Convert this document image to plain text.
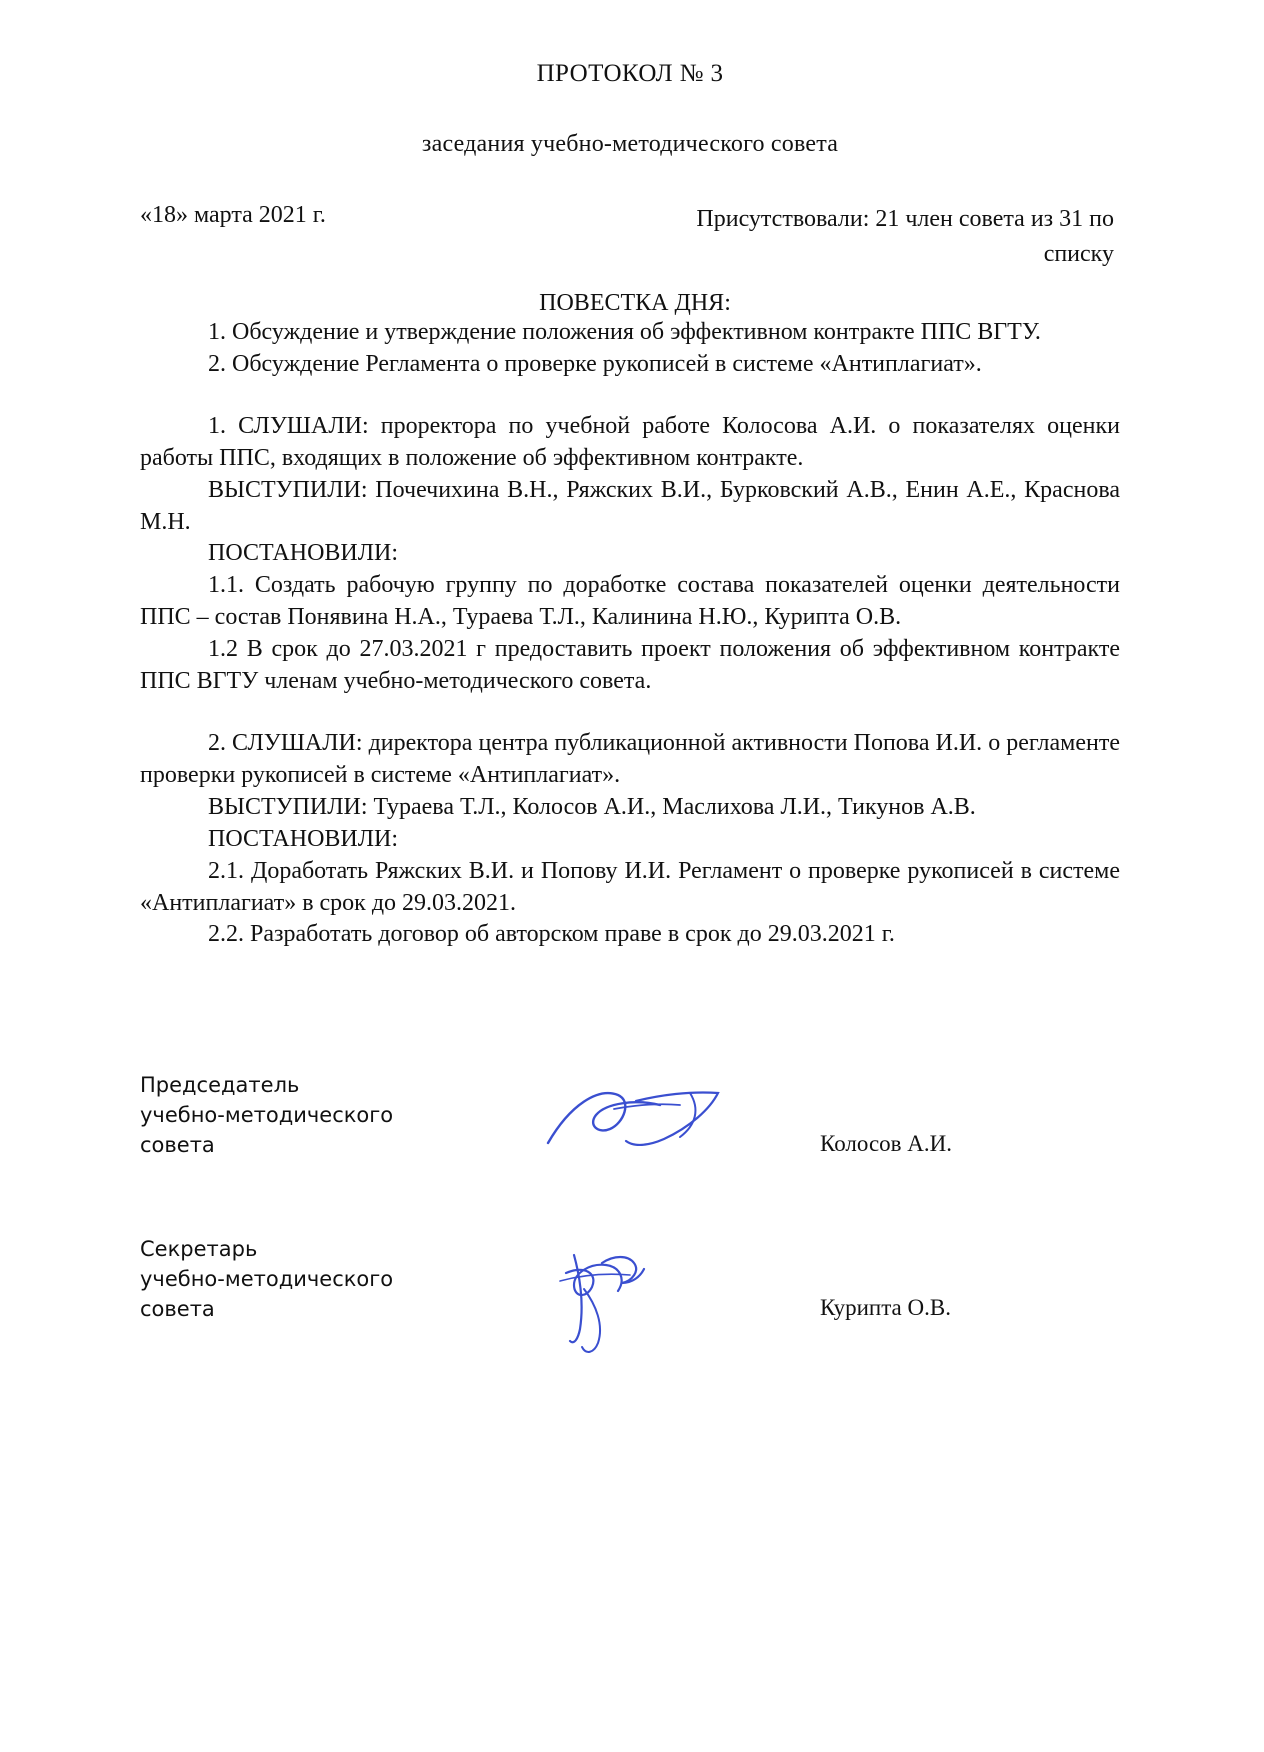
ПРОТОКОЛ № 3
заседания учебно-методического совета
«18» марта 2021 г.	Присутствовали: 21 член совета из 31 по списку
ПОВЕСТКА ДНЯ:

1. Обсуждение и утверждение положения об эффективном контракте ППС ВГТУ.

2. Обсуждение Регламента о проверке рукописей в системе «Антиплагиат».

1. СЛУШАЛИ: проректора по учебной работе Колосова А.И. о показателях оценки работы ППС, входящих в положение об эффективном контракте.

ВЫСТУПИЛИ: Почечихина В.Н., Ряжских В.И., Бурковский А.В., Енин А.Е., Краснова М.Н.

ПОСТАНОВИЛИ:

1.1. Создать рабочую группу по доработке состава показателей оценки деятельности ППС – состав Понявина Н.А., Тураева Т.Л., Калинина Н.Ю., Курипта О.В.

1.2 В срок до 27.03.2021 г предоставить проект положения об эффективном контракте ППС ВГТУ членам учебно-методического совета.

2. СЛУШАЛИ: директора центра публикационной активности Попова И.И. о регламенте проверки рукописей в системе «Антиплагиат».

ВЫСТУПИЛИ: Тураева Т.Л., Колосов А.И., Маслихова Л.И., Тикунов А.В.

ПОСТАНОВИЛИ:

2.1. Доработать Ряжских В.И. и Попову И.И. Регламент о проверке рукописей в системе «Антиплагиат» в срок до 29.03.2021.

2.2. Разработать договор об авторском праве в срок до 29.03.2021 г.

Председатель
учебно-методического
совета	Колосов А.И.
Секретарь
учебно-методического
совета	Курипта О.В.
